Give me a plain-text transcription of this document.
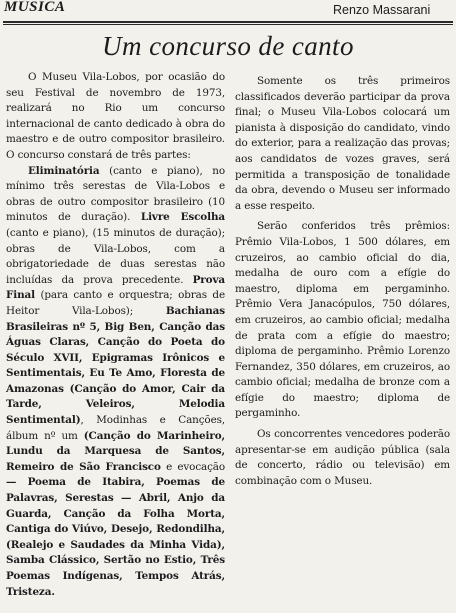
MÚSICA	Renzo Massarani
Um concurso de canto

O Museu Vila-Lobos, por ocasião do seu Festival de novembro de 1973, realizará no Rio um concurso internacional de canto dedicado à obra do maestro e de outro compositor brasileiro. O concurso constará de três partes:

Eliminatória (canto e piano), no mínimo três serestas de Vila-Lobos e obras de outro compositor brasileiro (10 minutos de duração). Livre Escolha (canto e piano), (15 minutos de duração); obras de Vila-Lobos, com a obrigatoriedade de duas serestas não incluídas da prova precedente. Prova Final (para canto e orquestra; obras de Heitor Vila-Lobos); Bachianas Brasileiras nº 5, Big Ben, Canção das Águas Claras, Canção do Poeta do Século XVII, Epigramas Irônicos e Sentimentais, Eu Te Amo, Floresta de Amazonas (Canção do Amor, Cair da Tarde, Veleiros, Melodia Sentimental), Modinhas e Canções, álbum nº um (Canção do Marinheiro, Lundu da Marquesa de Santos, Remeiro de São Francisco e evocação — Poema de Itabira, Poemas de Palavras, Serestas — Abril, Anjo da Guarda, Canção da Folha Morta, Cantiga do Viúvo, Desejo, Redondilha, (Realejo e Saudades da Minha Vida), Samba Clássico, Sertão no Estio, Três Poemas Indígenas, Tempos Atrás, Tristeza.

Somente os três primeiros classificados deverão participar da prova final; o Museu Vila-Lobos colocará um pianista à disposição do candidato, vindo do exterior, para a realização das provas; aos candidatos de vozes graves, será permitida a transposição de tonalidade da obra, devendo o Museu ser informado a esse respeito.

Serão conferidos três prêmios: Prêmio Vila-Lobos, 1 500 dólares, em cruzeiros, ao cambio oficial do dia, medalha de ouro com a efígie do maestro, diploma em pergaminho. Prêmio Vera Janacópulos, 750 dólares, em cruzeiros, ao cambio oficial; medalha de prata com a efígie do maestro; diploma de pergaminho. Prêmio Lorenzo Fernandez, 350 dólares, em cruzeiros, ao cambio oficial; medalha de bronze com a efígie do maestro; diploma de pergaminho.

Os concorrentes vencedores poderão apresentar-se em audição pública (sala de concerto, rádio ou televisão) em combinação com o Museu.
